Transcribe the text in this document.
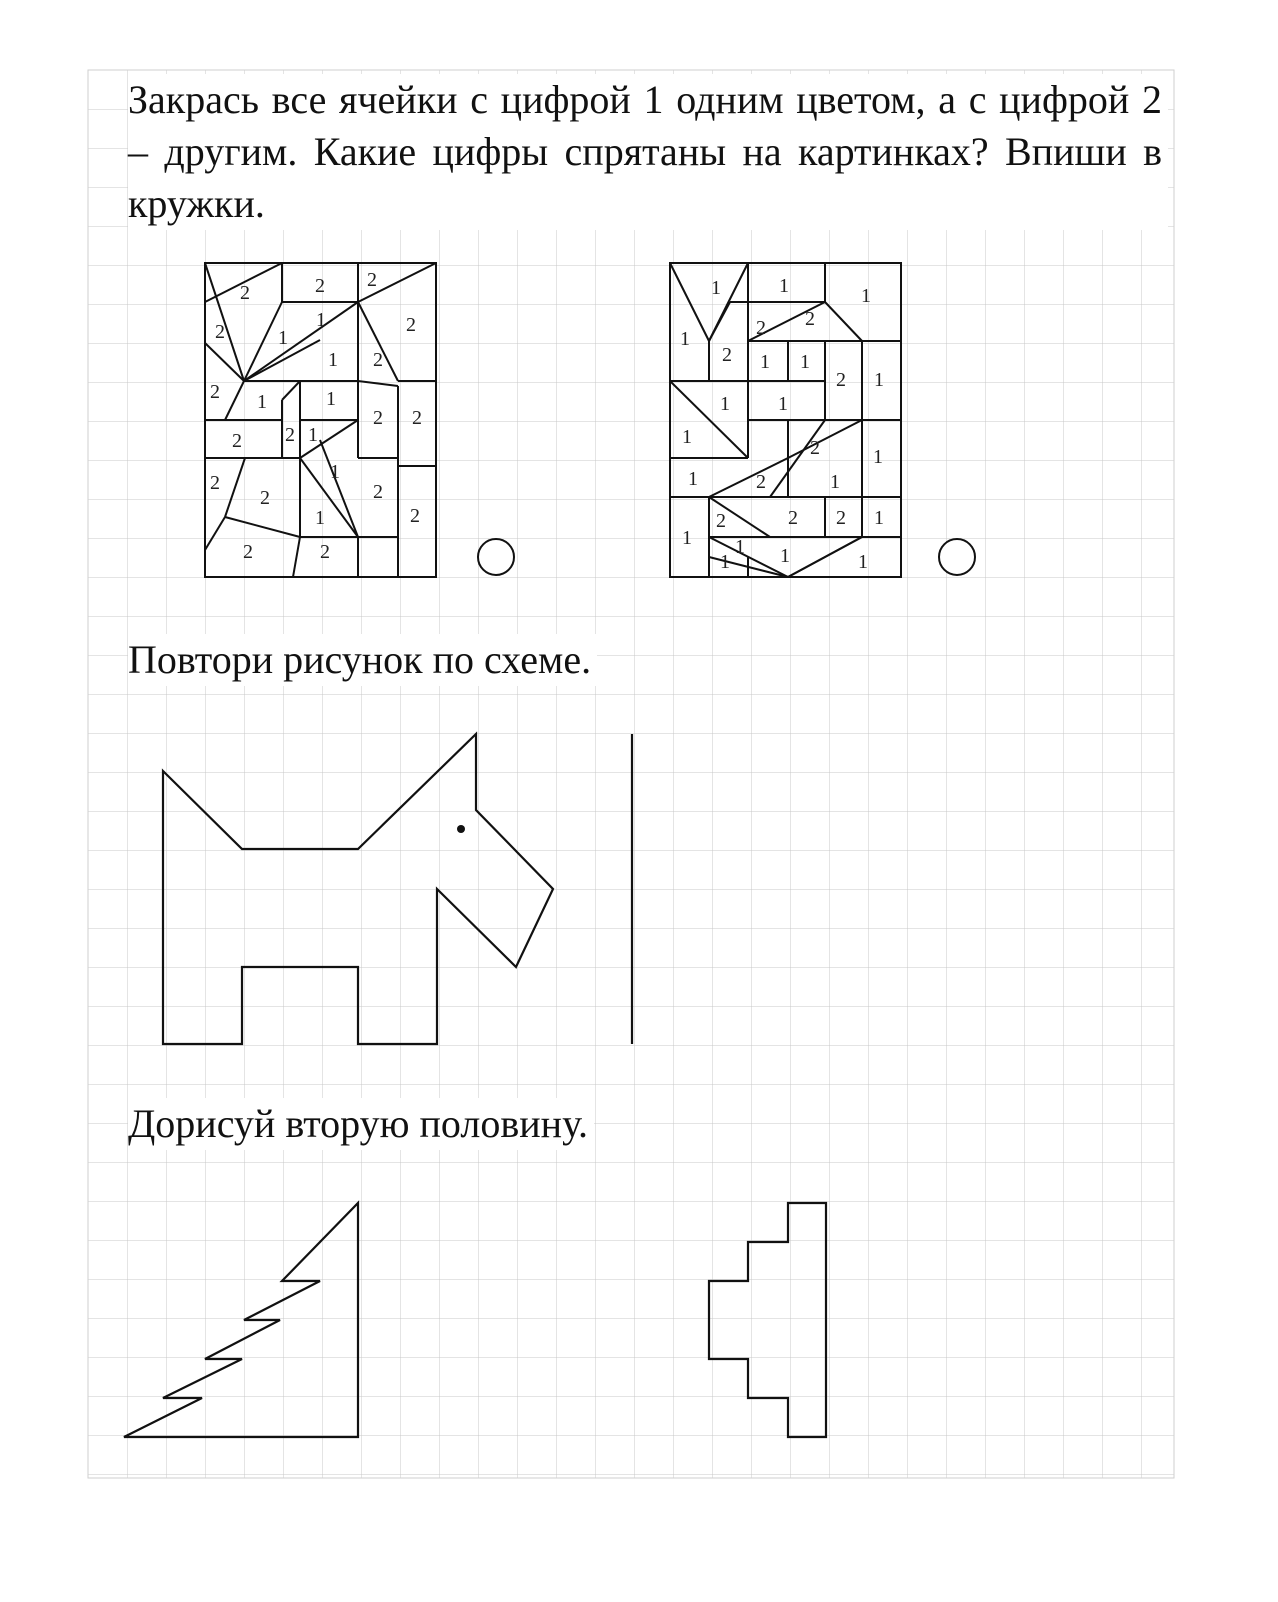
2	2 2
2	1
1	2
1 2
1	1
2
2 2
2	1
2
1
2
2
1
2
2
2	2
1	1	1
1	2 2
2 1 1
2 1
1 1
1	2	1
1	2	1
1
2	2 2 1
1	1	1
1

Закрась все ячейки с цифрой 1 одним цветом, а с цифрой 2 – другим. Какие цифры спрятаны на картинках? Впиши в кружки.

Повтори рисунок по схеме.

Дорисуй вторую половину.
